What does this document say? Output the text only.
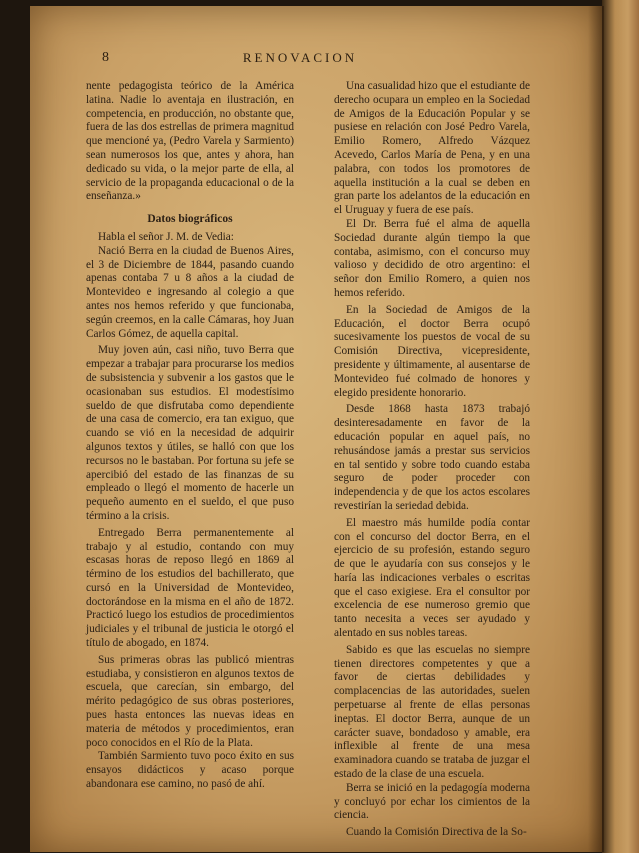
8	RENOVACION

nente pedagogista teórico de la América latina. Nadie lo aventaja en ilustración, en competencia, en producción, no obstante que, fuera de las dos estrellas de primera magnitud que mencioné ya, (Pedro Varela y Sarmiento) sean numerosos los que, antes y ahora, han dedicado su vida, o la mejor parte de ella, al servicio de la propaganda educacional o de la enseñanza.»

Datos biográficos

Habla el señor J. M. de Vedia:

Nació Berra en la ciudad de Buenos Aires, el 3 de Diciembre de 1844, pasando cuando apenas contaba 7 u 8 años a la ciudad de Montevideo e ingresando al colegio a que antes nos hemos referido y que funcionaba, según creemos, en la calle Cámaras, hoy Juan Carlos Gómez, de aquella capital.

Muy joven aún, casi niño, tuvo Berra que empezar a trabajar para procurarse los medios de subsistencia y subvenir a los gastos que le ocasionaban sus estudios. El modestísimo sueldo de que disfrutaba como dependiente de una casa de comercio, era tan exiguo, que cuando se vió en la necesidad de adquirir algunos textos y útiles, se halló con que los recursos no le bastaban. Por fortuna su jefe se apercibió del estado de las finanzas de su empleado o llegó el momento de hacerle un pequeño aumento en el sueldo, el que puso término a la crisis.

Entregado Berra permanentemente al trabajo y al estudio, contando con muy escasas horas de reposo llegó en 1869 al término de los estudios del bachillerato, que cursó en la Universidad de Montevideo, doctorándose en la misma en el año de 1872. Practicó luego los estudios de procedimientos judiciales y el tribunal de justicia le otorgó el título de abogado, en 1874.

Sus primeras obras las publicó mientras estudiaba, y consistieron en algunos textos de escuela, que carecían, sin embargo, del mérito pedagógico de sus obras posteriores, pues hasta entonces las nuevas ideas en materia de métodos y procedimientos, eran poco conocidos en el Río de la Plata.

También Sarmiento tuvo poco éxito en sus ensayos didácticos y acaso porque abandonara ese camino, no pasó de ahí.

Una casualidad hizo que el estudiante de derecho ocupara un empleo en la Sociedad de Amigos de la Educación Popular y se pusiese en relación con José Pedro Varela, Emilio Romero, Alfredo Vázquez Acevedo, Carlos María de Pena, y en una palabra, con todos los promotores de aquella institución a la cual se deben en gran parte los adelantos de la educación en el Uruguay y fuera de ese país.

El Dr. Berra fué el alma de aquella Sociedad durante algún tiempo la que contaba, asimismo, con el concurso muy valioso y decidido de otro argentino: el señor don Emilio Romero, a quien nos hemos referido.

En la Sociedad de Amigos de la Educación, el doctor Berra ocupó sucesivamente los puestos de vocal de su Comisión Directiva, vicepresidente, presidente y últimamente, al ausentarse de Montevideo fué colmado de honores y elegido presidente honorario.

Desde 1868 hasta 1873 trabajó desinteresadamente en favor de la educación popular en aquel país, no rehusándose jamás a prestar sus servicios en tal sentido y sobre todo cuando estaba seguro de poder proceder con independencia y de que los actos escolares revestirían la seriedad debida.

El maestro más humilde podía contar con el concurso del doctor Berra, en el ejercicio de su profesión, estando seguro de que le ayudaría con sus consejos y le haría las indicaciones verbales o escritas que el caso exigiese. Era el consultor por excelencia de ese numeroso gremio que tanto necesita a veces ser ayudado y alentado en sus nobles tareas.

Sabido es que las escuelas no siempre tienen directores competentes y que a favor de ciertas debilidades y complacencias de las autoridades, suelen perpetuarse al frente de ellas personas ineptas. El doctor Berra, aunque de un carácter suave, bondadoso y amable, era inflexible al frente de una mesa examinadora cuando se trataba de juzgar el estado de la clase de una escuela.

Berra se inició en la pedagogía moderna y concluyó por echar los cimientos de la ciencia.

Cuando la Comisión Directiva de la So-
